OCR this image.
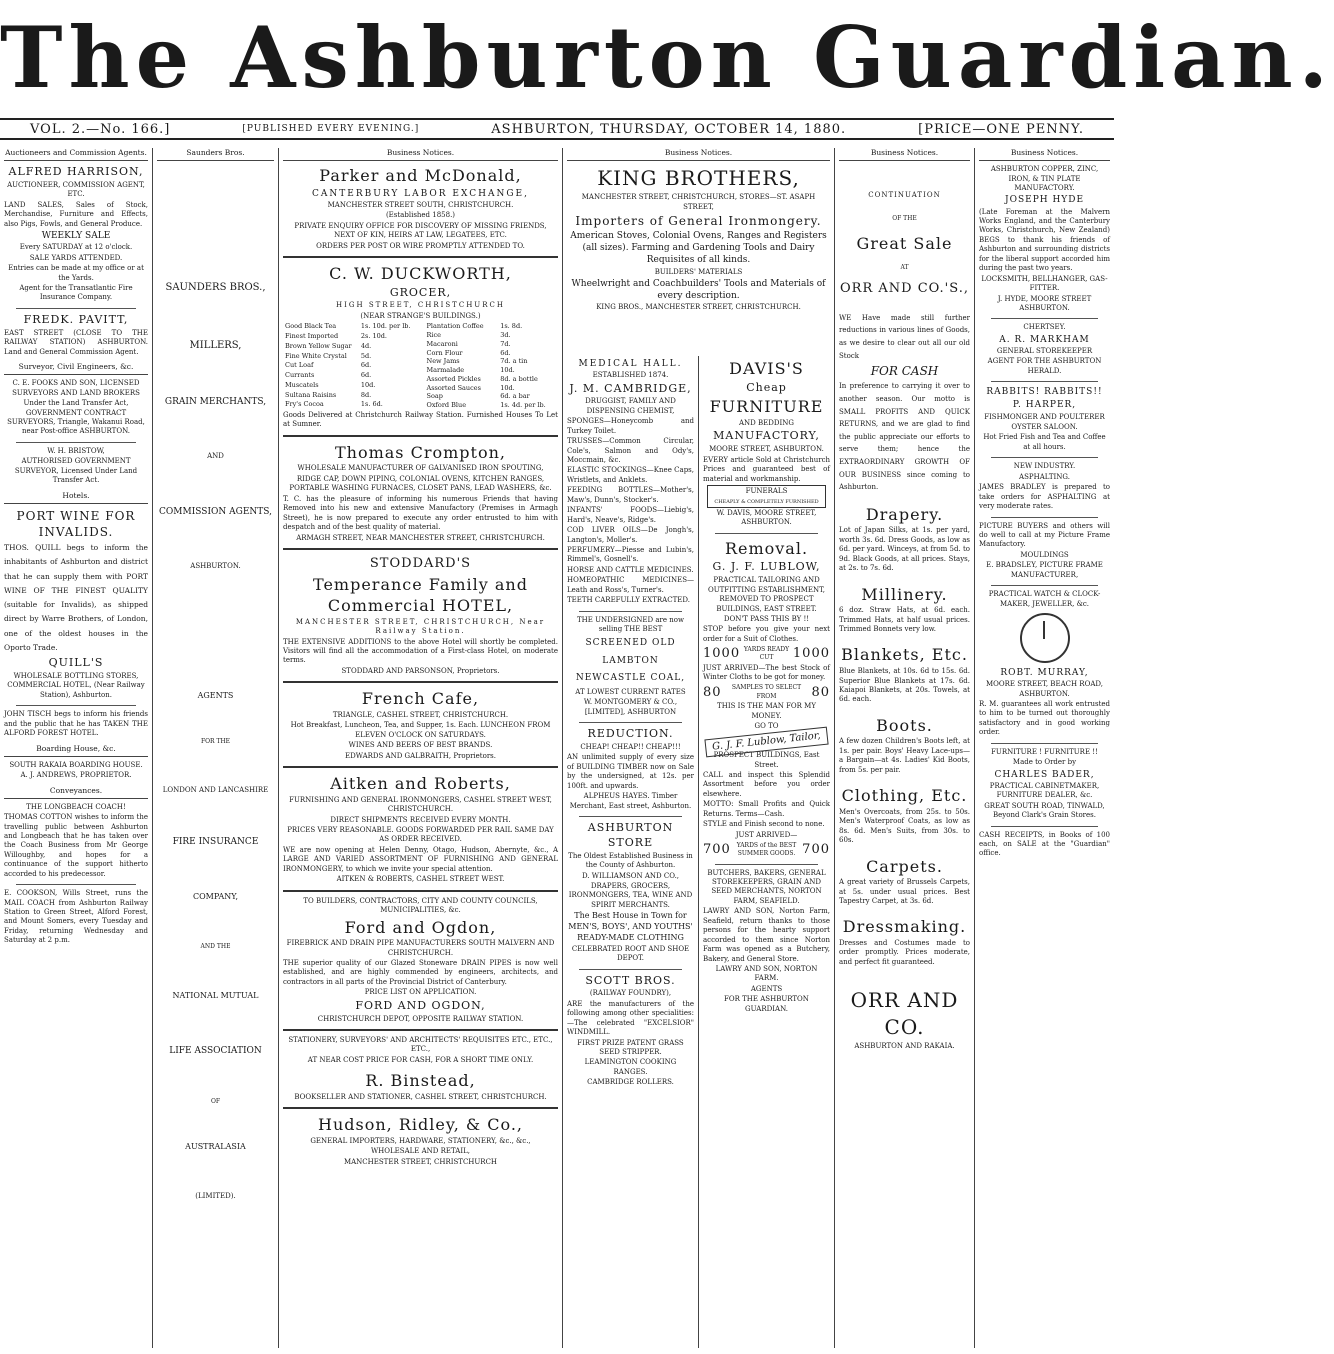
The Ashburton Guardian.
VOL. 2.—No. 166.]	[PUBLISHED EVERY EVENING.]	ASHBURTON, THURSDAY, OCTOBER 14, 1880.	[PRICE—ONE PENNY.
Auctioneers and Commission Agents.

ALFRED HARRISON,

AUCTIONEER, COMMISSION AGENT, ETC.

LAND SALES, Sales of Stock, Merchandise, Furniture and Effects, also Pigs, Fowls, and General Produce.

WEEKLY SALE

Every SATURDAY at 12 o'clock.

SALE YARDS ATTENDED.

Entries can be made at my office or at the Yards.

Agent for the Transatlantic Fire Insurance Company.

FREDK. PAVITT,

EAST STREET (CLOSE TO THE RAILWAY STATION) ASHBURTON. Land and General Commission Agent.

Surveyor, Civil Engineers, &c.

C. E. FOOKS AND SON, LICENSED SURVEYORS AND LAND BROKERS

Under the Land Transfer Act, GOVERNMENT CONTRACT SURVEYORS, Triangle, Wakanui Road, near Post-office ASHBURTON.

W. H. BRISTOW,

AUTHORISED GOVERNMENT SURVEYOR, Licensed Under Land Transfer Act.

Hotels.

PORT WINE FOR INVALIDS.

THOS. QUILL begs to inform the inhabitants of Ashburton and district that he can supply them with PORT WINE OF THE FINEST QUALITY (suitable for Invalids), as shipped direct by Warre Brothers, of London, one of the oldest houses in the Oporto Trade.

QUILL'S

WHOLESALE BOTTLING STORES, COMMERCIAL HOTEL, (Near Railway Station), Ashburton.

JOHN TISCH begs to inform his friends and the public that he has TAKEN THE ALFORD FOREST HOTEL.

Boarding House, &c.

SOUTH RAKAIA BOARDING HOUSE.

A. J. ANDREWS, PROPRIETOR.

Conveyances.

THE LONGBEACH COACH!

THOMAS COTTON wishes to inform the travelling public between Ashburton and Longbeach that he has taken over the Coach Business from Mr George Willoughby, and hopes for a continuance of the support hitherto accorded to his predecessor.

E. COOKSON, Wills Street, runs the MAIL COACH from Ashburton Railway Station to Green Street, Alford Forest, and Mount Somers, every Tuesday and Friday, returning Wednesday and Saturday at 2 p.m.

Saunders Bros.

SAUNDERS BROS.,

MILLERS,

GRAIN MERCHANTS,

AND

COMMISSION AGENTS,

ASHBURTON.

AGENTS

FOR THE

LONDON AND LANCASHIRE

FIRE INSURANCE

COMPANY,

AND THE

NATIONAL MUTUAL

LIFE ASSOCIATION

OF

AUSTRALASIA

(LIMITED).

Business Notices.

Parker and McDonald,

CANTERBURY LABOR EXCHANGE,

MANCHESTER STREET SOUTH, CHRISTCHURCH.

(Established 1858.)

PRIVATE ENQUIRY OFFICE FOR DISCOVERY OF MISSING FRIENDS, NEXT OF KIN, HEIRS AT LAW, LEGATEES, ETC.

ORDERS PER POST OR WIRE PROMPTLY ATTENDED TO.

C. W. DUCKWORTH,

GROCER,

HIGH STREET, CHRISTCHURCH

(NEAR STRANGE'S BUILDINGS.)

Good Black Tea	1s. 10d. per lb.
Finest Imported	2s. 10d.
Brown Yellow Sugar	4d.
Fine White Crystal	5d.
Cut Loaf	6d.
Currants	6d.
Muscatels	10d.
Sultana Raisins	8d.
Fry's Cocoa	1s. 6d.
Plantation Coffee	1s. 8d.
Rice	3d.
Macaroni	7d.
Corn Flour	6d.
New Jams	7d. a tin
Marmalade	10d.
Assorted Pickles	8d. a bottle
Assorted Sauces	10d.
Soap	6d. a bar
Oxford Blue	1s. 4d. per lb.

Goods Delivered at Christchurch Railway Station. Furnished Houses To Let at Sumner.

Thomas Crompton,

WHOLESALE MANUFACTURER OF GALVANISED IRON SPOUTING,

RIDGE CAP, DOWN PIPING, COLONIAL OVENS, KITCHEN RANGES, PORTABLE WASHING FURNACES, CLOSET PANS, LEAD WASHERS, &c.

T. C. has the pleasure of informing his numerous Friends that having Removed into his new and extensive Manufactory (Premises in Armagh Street), he is now prepared to execute any order entrusted to him with despatch and of the best quality of material.

ARMAGH STREET, NEAR MANCHESTER STREET, CHRISTCHURCH.

STODDARD'S

Temperance Family and Commercial HOTEL,

MANCHESTER STREET, CHRISTCHURCH, Near Railway Station.

THE EXTENSIVE ADDITIONS to the above Hotel will shortly be completed. Visitors will find all the accommodation of a First-class Hotel, on moderate terms.

STODDARD AND PARSONSON, Proprietors.

French Cafe,

TRIANGLE, CASHEL STREET, CHRISTCHURCH.

Hot Breakfast, Luncheon, Tea, and Supper, 1s. Each. LUNCHEON FROM ELEVEN O'CLOCK ON SATURDAYS.

WINES AND BEERS OF BEST BRANDS.

EDWARDS AND GALBRAITH, Proprietors.

Aitken and Roberts,

FURNISHING AND GENERAL IRONMONGERS, CASHEL STREET WEST, CHRISTCHURCH.

DIRECT SHIPMENTS RECEIVED EVERY MONTH.

PRICES VERY REASONABLE. GOODS FORWARDED PER RAIL SAME DAY AS ORDER RECEIVED.

WE are now opening at Helen Denny, Otago, Hudson, Abernyte, &c., A LARGE AND VARIED ASSORTMENT OF FURNISHING AND GENERAL IRONMONGERY, to which we invite your special attention.

AITKEN & ROBERTS, CASHEL STREET WEST.

TO BUILDERS, CONTRACTORS, CITY AND COUNTY COUNCILS, MUNICIPALITIES, &c.

Ford and Ogdon,

FIREBRICK AND DRAIN PIPE MANUFACTURERS SOUTH MALVERN AND CHRISTCHURCH.

THE superior quality of our Glazed Stoneware DRAIN PIPES is now well established, and are highly commended by engineers, architects, and contractors in all parts of the Provincial District of Canterbury.

PRICE LIST ON APPLICATION.

FORD AND OGDON,

CHRISTCHURCH DEPOT, OPPOSITE RAILWAY STATION.

STATIONERY, SURVEYORS' AND ARCHITECTS' REQUISITES ETC., ETC., ETC.,

AT NEAR COST PRICE FOR CASH, FOR A SHORT TIME ONLY.

R. Binstead,

BOOKSELLER AND STATIONER, CASHEL STREET, CHRISTCHURCH.

Hudson, Ridley, & Co.,

GENERAL IMPORTERS, HARDWARE, STATIONERY, &c., &c.,

WHOLESALE AND RETAIL,

MANCHESTER STREET, CHRISTCHURCH

Business Notices.

KING BROTHERS,

MANCHESTER STREET, CHRISTCHURCH, STORES—ST. ASAPH STREET,

Importers of General Ironmongery.

American Stoves, Colonial Ovens, Ranges and Registers (all sizes). Farming and Gardening Tools and Dairy Requisites of all kinds.

BUILDERS' MATERIALS

Wheelwright and Coachbuilders' Tools and Materials of every description.

KING BROS., MANCHESTER STREET, CHRISTCHURCH.

MEDICAL HALL.

ESTABLISHED 1874.

J. M. CAMBRIDGE,

DRUGGIST, FAMILY AND DISPENSING CHEMIST,

SPONGES—Honeycomb and Turkey Toilet.

TRUSSES—Common Circular, Cole's, Salmon and Ody's, Moccmain, &c.

ELASTIC STOCKINGS—Knee Caps, Wristlets, and Anklets.

FEEDING BOTTLES—Mother's, Maw's, Dunn's, Stocker's.

INFANTS' FOODS—Liebig's, Hard's, Neave's, Ridge's.

COD LIVER OILS—De Jongh's, Langton's, Moller's.

PERFUMERY—Piesse and Lubin's, Rimmel's, Gosnell's.

HORSE AND CATTLE MEDICINES.

HOMEOPATHIC MEDICINES—Leath and Ross's, Turner's.

TEETH CAREFULLY EXTRACTED.

THE UNDERSIGNED are now selling THE BEST

SCREENED OLD LAMBTON NEWCASTLE COAL,

AT LOWEST CURRENT RATES

W. MONTGOMERY & CO., [LIMITED], ASHBURTON

REDUCTION.

CHEAP! CHEAP!! CHEAP!!!

AN unlimited supply of every size of BUILDING TIMBER now on Sale by the undersigned, at 12s. per 100ft. and upwards.

ALPHEUS HAYES. Timber Merchant, East street, Ashburton.

ASHBURTON STORE

The Oldest Established Business in the County of Ashburton.

D. WILLIAMSON AND CO.,

DRAPERS, GROCERS, IRONMONGERS, TEA, WINE AND SPIRIT MERCHANTS.

The Best House in Town for MEN'S, BOYS', AND YOUTHS' READY-MADE CLOTHING

CELEBRATED ROOT AND SHOE DEPOT.

SCOTT BROS.

(RAILWAY FOUNDRY),

ARE the manufacturers of the following among other specialities:—The celebrated "EXCELSIOR" WINDMILL.

FIRST PRIZE PATENT GRASS SEED STRIPPER.

LEAMINGTON COOKING RANGES.

CAMBRIDGE ROLLERS.

DAVIS'S

Cheap

FURNITURE

AND BEDDING

MANUFACTORY,

MOORE STREET, ASHBURTON.

EVERY article Sold at Christchurch Prices and guaranteed best of material and workmanship.

FUNERALS
CHEAPLY & COMPLETELY FURNISHED

W. DAVIS, MOORE STREET, ASHBURTON.

Removal.

G. J. F. LUBLOW,

PRACTICAL TAILORING AND OUTFITTING ESTABLISHMENT, REMOVED TO PROSPECT BUILDINGS, EAST STREET.

DON'T PASS THIS BY !!

STOP before you give your next order for a Suit of Clothes.

1000 YARDS READY CUT	1000

JUST ARRIVED—The best Stock of Winter Cloths to be got for money.

80	SAMPLES TO SELECT FROM	80

THIS IS THE MAN FOR MY MONEY.

GO TO

G. J. F. Lublow, Tailor,

PROSPECT BUILDINGS, East Street.

CALL and inspect this Splendid Assortment before you order elsewhere.

MOTTO: Small Profits and Quick Returns. Terms—Cash.

STYLE and Finish second to none.

JUST ARRIVED—

700 YARDS of the BEST SUMMER GOODS. 700

BUTCHERS, BAKERS, GENERAL STOREKEEPERS, GRAIN AND SEED MERCHANTS, NORTON FARM, SEAFIELD.

LAWRY AND SON, Norton Farm, Seafield, return thanks to those persons for the hearty support accorded to them since Norton Farm was opened as a Butchery, Bakery, and General Store.

LAWRY AND SON, NORTON FARM.

AGENTS

FOR THE ASHBURTON GUARDIAN.

Business Notices.

CONTINUATION

OF THE

Great Sale

AT

ORR AND CO.'S.,

WE Have made still further reductions in various lines of Goods, as we desire to clear out all our old Stock

FOR CASH

In preference to carrying it over to another season. Our motto is SMALL PROFITS AND QUICK RETURNS, and we are glad to find the public appreciate our efforts to serve them; hence the EXTRAORDINARY GROWTH OF OUR BUSINESS since coming to Ashburton.

Drapery.

Lot of Japan Silks, at 1s. per yard, worth 3s. 6d. Dress Goods, as low as 6d. per yard. Winceys, at from 5d. to 9d. Black Goods, at all prices. Stays, at 2s. to 7s. 6d.

Millinery.

6 doz. Straw Hats, at 6d. each. Trimmed Hats, at half usual prices. Trimmed Bonnets very low.

Blankets, Etc.

Blue Blankets, at 10s. 6d to 15s. 6d. Superior Blue Blankets at 17s. 6d. Kaiapoi Blankets, at 20s. Towels, at 6d. each.

Boots.

A few dozen Children's Boots left, at 1s. per pair. Boys' Heavy Lace-ups—a Bargain—at 4s. Ladies' Kid Boots, from 5s. per pair.

Clothing, Etc.

Men's Overcoats, from 25s. to 50s. Men's Waterproof Coats, as low as 8s. 6d. Men's Suits, from 30s. to 60s.

Carpets.

A great variety of Brussels Carpets, at 5s. under usual prices. Best Tapestry Carpet, at 3s. 6d.

Dressmaking.

Dresses and Costumes made to order promptly. Prices moderate, and perfect fit guaranteed.

ORR AND CO.

ASHBURTON AND RAKAIA.

Business Notices.

ASHBURTON COPPER, ZINC, IRON, & TIN PLATE MANUFACTORY.

JOSEPH HYDE

(Late Foreman at the Malvern Works England, and the Canterbury Works, Christchurch, New Zealand) BEGS to thank his friends of Ashburton and surrounding districts for the liberal support accorded him during the past two years.

LOCKSMITH, BELLHANGER, GAS-FITTER.

J. HYDE, MOORE STREET ASHBURTON.

CHERTSEY.

A. R. MARKHAM

GENERAL STOREKEEPER

AGENT FOR THE ASHBURTON HERALD.

RABBITS! RABBITS!!

P. HARPER,

FISHMONGER AND POULTERER

OYSTER SALOON.

Hot Fried Fish and Tea and Coffee at all hours.

NEW INDUSTRY.

ASPHALTING.

JAMES BRADLEY is prepared to take orders for ASPHALTING at very moderate rates.

PICTURE BUYERS and others will do well to call at my Picture Frame Manufactory.

MOULDINGS

E. BRADSLEY, PICTURE FRAME MANUFACTURER,

PRACTICAL WATCH & CLOCK-MAKER, JEWELLER, &c.

ROBT. MURRAY,

MOORE STREET, BEACH ROAD, ASHBURTON.

R. M. guarantees all work entrusted to him to be turned out thoroughly satisfactory and in good working order.

FURNITURE ! FURNITURE !!

Made to Order by

CHARLES BADER,

PRACTICAL CABINETMAKER, FURNITURE DEALER, &c.

GREAT SOUTH ROAD, TINWALD, Beyond Clark's Grain Stores.

CASH RECEIPTS, in Books of 100 each, on SALE at the "Guardian" office.
